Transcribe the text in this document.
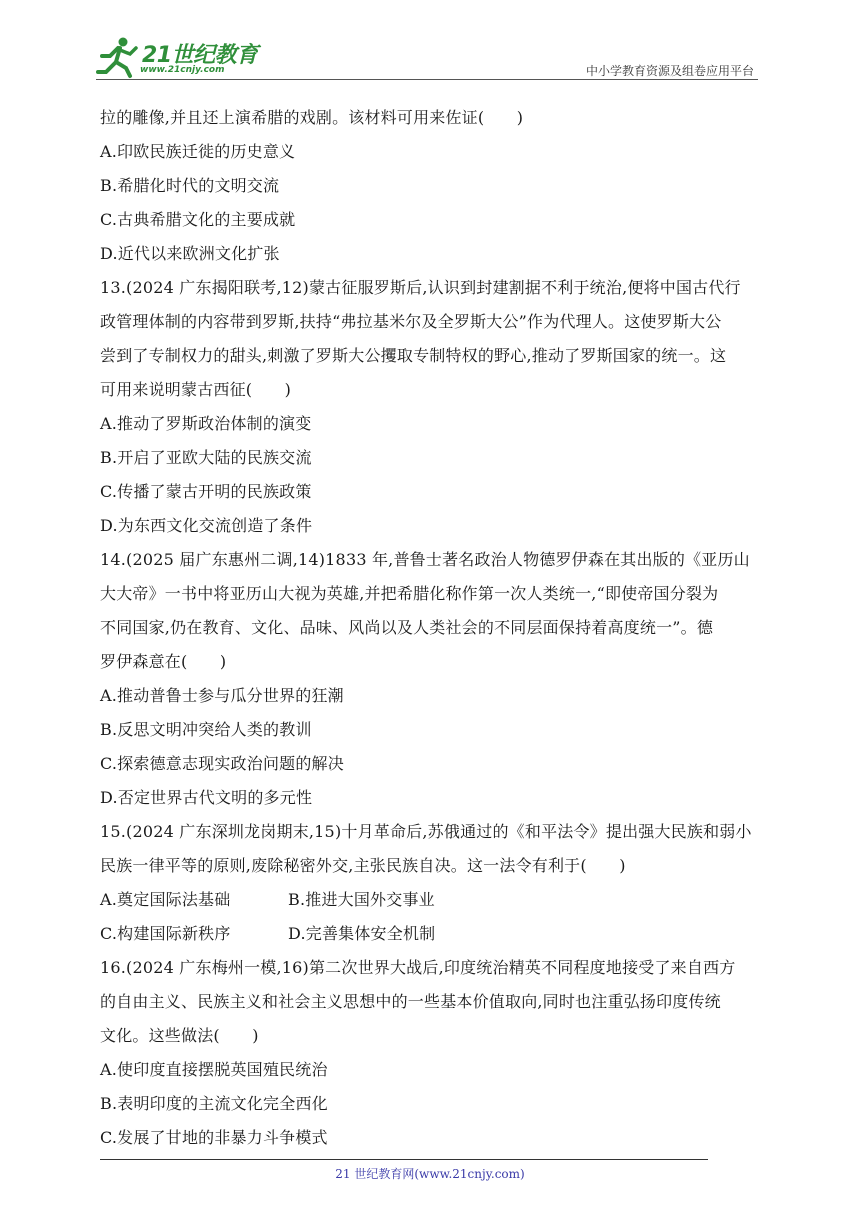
21世纪教育
www.21cnjy.com	中小学教育资源及组卷应用平台
拉的雕像,并且还上演希腊的戏剧。该材料可用来佐证(　　)
A.印欧民族迁徙的历史意义
B.希腊化时代的文明交流
C.古典希腊文化的主要成就
D.近代以来欧洲文化扩张
13.(2024 广东揭阳联考,12)蒙古征服罗斯后,认识到封建割据不利于统治,便将中国古代行
政管理体制的内容带到罗斯,扶持“弗拉基米尔及全罗斯大公”作为代理人。这使罗斯大公
尝到了专制权力的甜头,刺激了罗斯大公攫取专制特权的野心,推动了罗斯国家的统一。这
可用来说明蒙古西征(　　)
A.推动了罗斯政治体制的演变
B.开启了亚欧大陆的民族交流
C.传播了蒙古开明的民族政策
D.为东西文化交流创造了条件
14.(2025 届广东惠州二调,14)1833 年,普鲁士著名政治人物德罗伊森在其出版的《亚历山
大大帝》一书中将亚历山大视为英雄,并把希腊化称作第一次人类统一,“即使帝国分裂为
不同国家,仍在教育、文化、品味、风尚以及人类社会的不同层面保持着高度统一”。德
罗伊森意在(　　)
A.推动普鲁士参与瓜分世界的狂潮
B.反思文明冲突给人类的教训
C.探索德意志现实政治问题的解决
D.否定世界古代文明的多元性
15.(2024 广东深圳龙岗期末,15)十月革命后,苏俄通过的《和平法令》提出强大民族和弱小
民族一律平等的原则,废除秘密外交,主张民族自决。这一法令有利于(　　)
A.奠定国际法基础	B.推进大国外交事业
C.构建国际新秩序	D.完善集体安全机制
16.(2024 广东梅州一模,16)第二次世界大战后,印度统治精英不同程度地接受了来自西方
的自由主义、民族主义和社会主义思想中的一些基本价值取向,同时也注重弘扬印度传统
文化。这些做法(　　)
A.使印度直接摆脱英国殖民统治
B.表明印度的主流文化完全西化
C.发展了甘地的非暴力斗争模式
21 世纪教育网(www.21cnjy.com)
